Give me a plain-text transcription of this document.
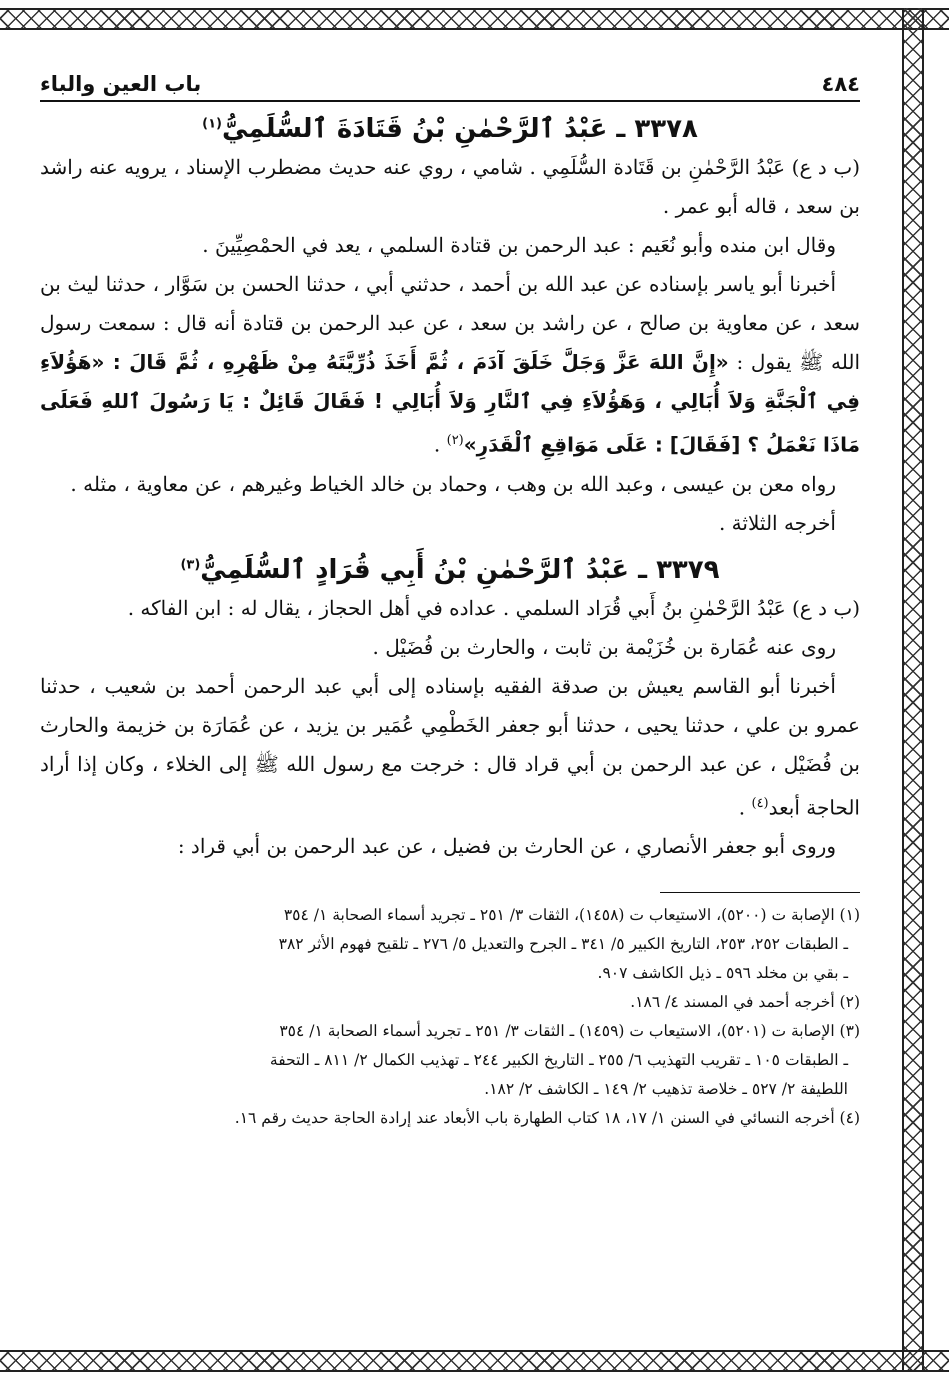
٤٨٤
باب العين والباء
٣٣٧٨ ـ عَبْدُ ٱلرَّحْمٰنِ بْنُ قَتَادَةَ ٱلسُّلَمِيُّ$^{(١)}$

(ب د ع) عَبْدُ الرَّحْمٰنِ بن قَتَادة السُّلَمِي . شامي ، روي عنه حديث مضطرب الإسناد ، يرويه عنه راشد بن سعد ، قاله أبو عمر .

وقال ابن منده وأبو نُعَيم : عبد الرحمن بن قتادة السلمي ، يعد في الحمْصِيِّينَ .

أخبرنا أبو ياسر بإسناده عن عبد الله بن أحمد ، حدثني أبي ، حدثنا الحسن بن سَوَّار ، حدثنا ليث بن سعد ، عن معاوية بن صالح ، عن راشد بن سعد ، عن عبد الرحمن بن قتادة أنه قال : سمعت رسول الله ﷺ يقول : «إِنَّ اللهَ عَزَّ وَجَلَّ خَلَقَ آدَمَ ، ثُمَّ أَخَذَ ذُرِّيَّتَهُ مِنْ ظَهْرِهِ ، ثُمَّ قَالَ : «هَؤُلاَءِ فِي ٱلْجَنَّةِ وَلاَ أُبَالِي ، وَهَؤُلاَءِ فِي ٱلنَّارِ وَلاَ أُبَالِي ! فَقَالَ قَائِلٌ : يَا رَسُولَ ٱللهِ فَعَلَى مَاذَا نَعْمَلُ ؟ [فَقَالَ] : عَلَى مَوَاقِعِ ٱلْقَدَرِ»$^{(٢)}$ .

رواه معن بن عيسى ، وعبد الله بن وهب ، وحماد بن خالد الخياط وغيرهم ، عن معاوية ، مثله .

أخرجه الثلاثة .

٣٣٧٩ ـ عَبْدُ ٱلرَّحْمٰنِ بْنُ أَبِي قُرَادٍ ٱلسُّلَمِيُّ$^{(٣)}$

(ب د ع) عَبْدُ الرَّحْمٰنِ بنُ أَبي قُرَاد السلمي . عداده في أهل الحجاز ، يقال له : ابن الفاكه .

روى عنه عُمَارة بن خُزَيْمة بن ثابت ، والحارث بن فُضَيْل .

أخبرنا أبو القاسم يعيش بن صدقة الفقيه بإسناده إلى أبي عبد الرحمن أحمد بن شعيب ، حدثنا عمرو بن علي ، حدثنا يحيى ، حدثنا أبو جعفر الخَطْمِي عُمَير بن يزيد ، عن عُمَارَة بن خزيمة والحارث بن فُضَيْل ، عن عبد الرحمن بن أبي قراد قال : خرجت مع رسول الله ﷺ إلى الخلاء ، وكان إذا أراد الحاجة أبعد$^{(٤)}$ .

وروى أبو جعفر الأنصاري ، عن الحارث بن فضيل ، عن عبد الرحمن بن أبي قراد :

(١) الإصابة ت (٥٢٠٠)، الاستيعاب ت (١٤٥٨)، الثقات ٣/ ٢٥١ ـ تجريد أسماء الصحابة ١/ ٣٥٤

ـ الطبقات ٢٥٢، ٢٥٣، التاريخ الكبير ٥/ ٣٤١ ـ الجرح والتعديل ٥/ ٢٧٦ ـ تلقيح فهوم الأثر ٣٨٢

ـ بقي بن مخلد ٥٩٦ ـ ذيل الكاشف ٩٠٧.

(٢) أخرجه أحمد في المسند ٤/ ١٨٦.

(٣) الإصابة ت (٥٢٠١)، الاستيعاب ت (١٤٥٩) ـ الثقات ٣/ ٢٥١ ـ تجريد أسماء الصحابة ١/ ٣٥٤

ـ الطبقات ١٠٥ ـ تقريب التهذيب ٦/ ٢٥٥ ـ التاريخ الكبير ٢٤٤ ـ تهذيب الكمال ٢/ ٨١١ ـ التحفة

اللطيفة ٢/ ٥٢٧ ـ خلاصة تذهيب ٢/ ١٤٩ ـ الكاشف ٢/ ١٨٢.

(٤) أخرجه النسائي في السنن ١/ ١٧، ١٨ كتاب الطهارة باب الأبعاد عند إرادة الحاجة حديث رقم ١٦.
